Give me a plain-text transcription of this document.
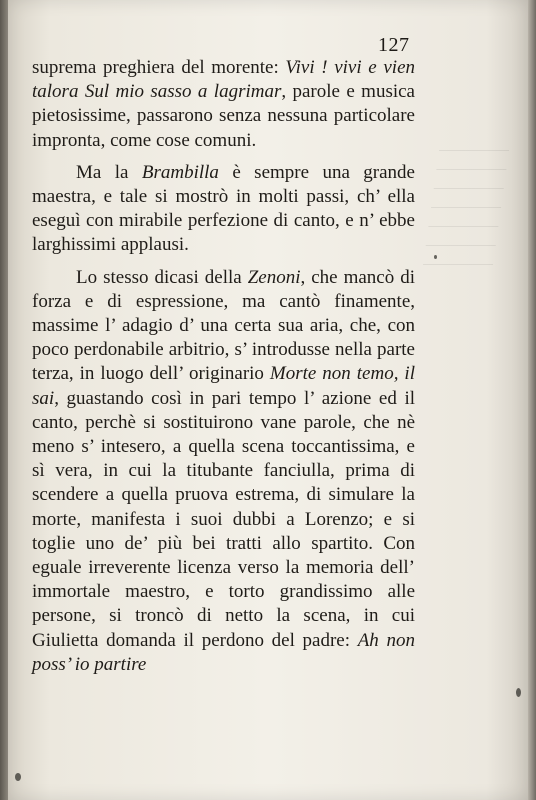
127

suprema preghiera del morente: Vivi ! vivi e vien talora Sul mio sasso a lagrimar, parole e musica pietosissime, passarono senza nessuna particolare impronta, come cose comuni.

Ma la Brambilla è sempre una grande maestra, e tale si mostrò in molti passi, ch’ ella eseguì con mirabile perfezione di canto, e n’ ebbe larghissimi applausi.

Lo stesso dicasi della Zenoni, che mancò di forza e di espressione, ma cantò finamente, massime l’ adagio d’ una certa sua aria, che, con poco perdonabile arbitrio, s’ introdusse nella parte terza, in luogo dell’ originario Morte non temo, il sai, guastando così in pari tempo l’ azione ed il canto, perchè si sostituirono vane parole, che nè meno s’ intesero, a quella scena toccantissima, e sì vera, in cui la titubante fanciulla, prima di scendere a quella pruova estrema, di simulare la morte, manifesta i suoi dubbi a Lorenzo; e si toglie uno de’ più bei tratti allo spartito. Con eguale irreverente licenza verso la memoria dell’ immortale maestro, e torto grandissimo alle persone, si troncò di netto la scena, in cui Giulietta domanda il perdono del padre: Ah non poss’ io partire
